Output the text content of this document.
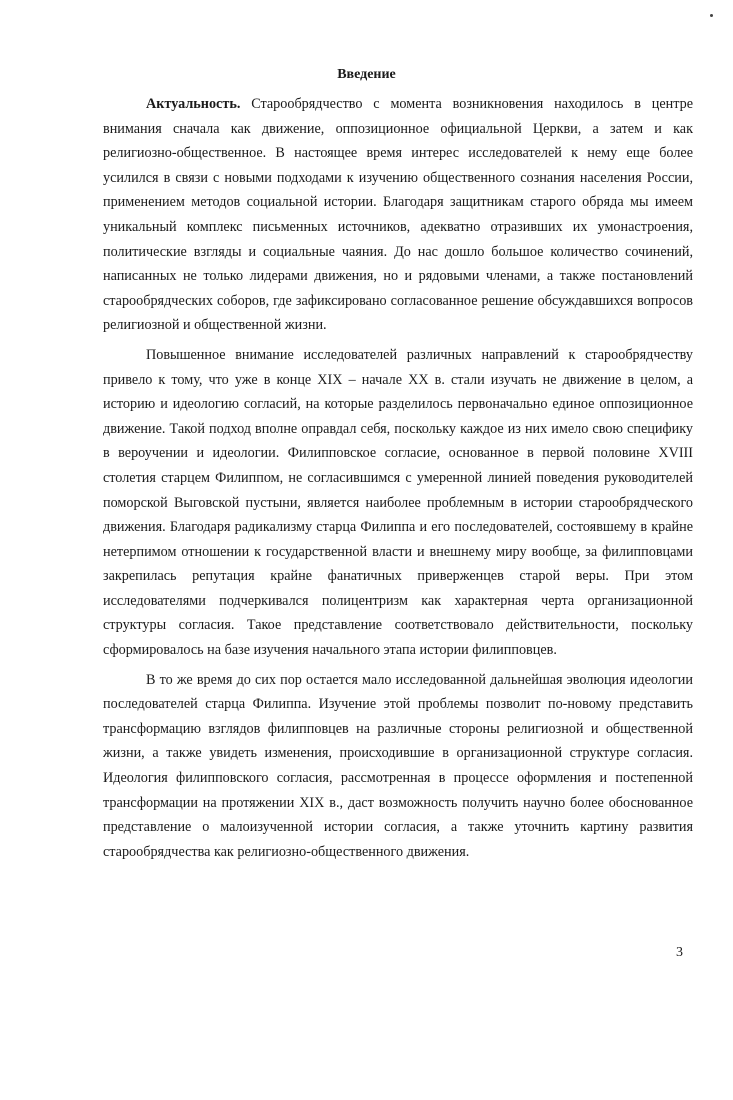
Введение

Актуальность. Старообрядчество с момента возникновения находилось в центре внимания сначала как движение, оппозиционное официальной Церкви, а затем и как религиозно-общественное. В настоящее время интерес исследователей к нему еще более усилился в связи с новыми подходами к изучению общественного сознания населения России, применением методов социальной истории. Благодаря защитникам старого обряда мы имеем уникальный комплекс письменных источников, адекватно отразивших их умонастроения, политические взгляды и социальные чаяния. До нас дошло большое количество сочинений, написанных не только лидерами движения, но и рядовыми членами, а также постановлений старообрядческих соборов, где зафиксировано согласованное решение обсуждавшихся вопросов религиозной и общественной жизни.

Повышенное внимание исследователей различных направлений к старообрядчеству привело к тому, что уже в конце XIX – начале XX в. стали изучать не движение в целом, а историю и идеологию согласий, на которые разделилось первоначально единое оппозиционное движение. Такой подход вполне оправдал себя, поскольку каждое из них имело свою специфику в вероучении и идеологии. Филипповское согласие, основанное в первой половине XVIII столетия старцем Филиппом, не согласившимся с умеренной линией поведения руководителей поморской Выговской пустыни, является наиболее проблемным в истории старообрядческого движения. Благодаря радикализму старца Филиппа и его последователей, состоявшему в крайне нетерпимом отношении к государственной власти и внешнему миру вообще, за филипповцами закрепилась репутация крайне фанатичных приверженцев старой веры. При этом исследователями подчеркивался полицентризм как характерная черта организационной структуры согласия. Такое представление соответствовало действительности, поскольку сформировалось на базе изучения начального этапа истории филипповцев.

В то же время до сих пор остается мало исследованной дальнейшая эволюция идеологии последователей старца Филиппа. Изучение этой проблемы позволит по-новому представить трансформацию взглядов филипповцев на различные стороны религиозной и общественной жизни, а также увидеть изменения, происходившие в организационной структуре согласия. Идеология филипповского согласия, рассмотренная в процессе оформления и постепенной трансформации на протяжении XIX в., даст возможность получить научно более обоснованное представление о малоизученной истории согласия, а также уточнить картину развития старообрядчества как религиозно-общественного движения.

3
